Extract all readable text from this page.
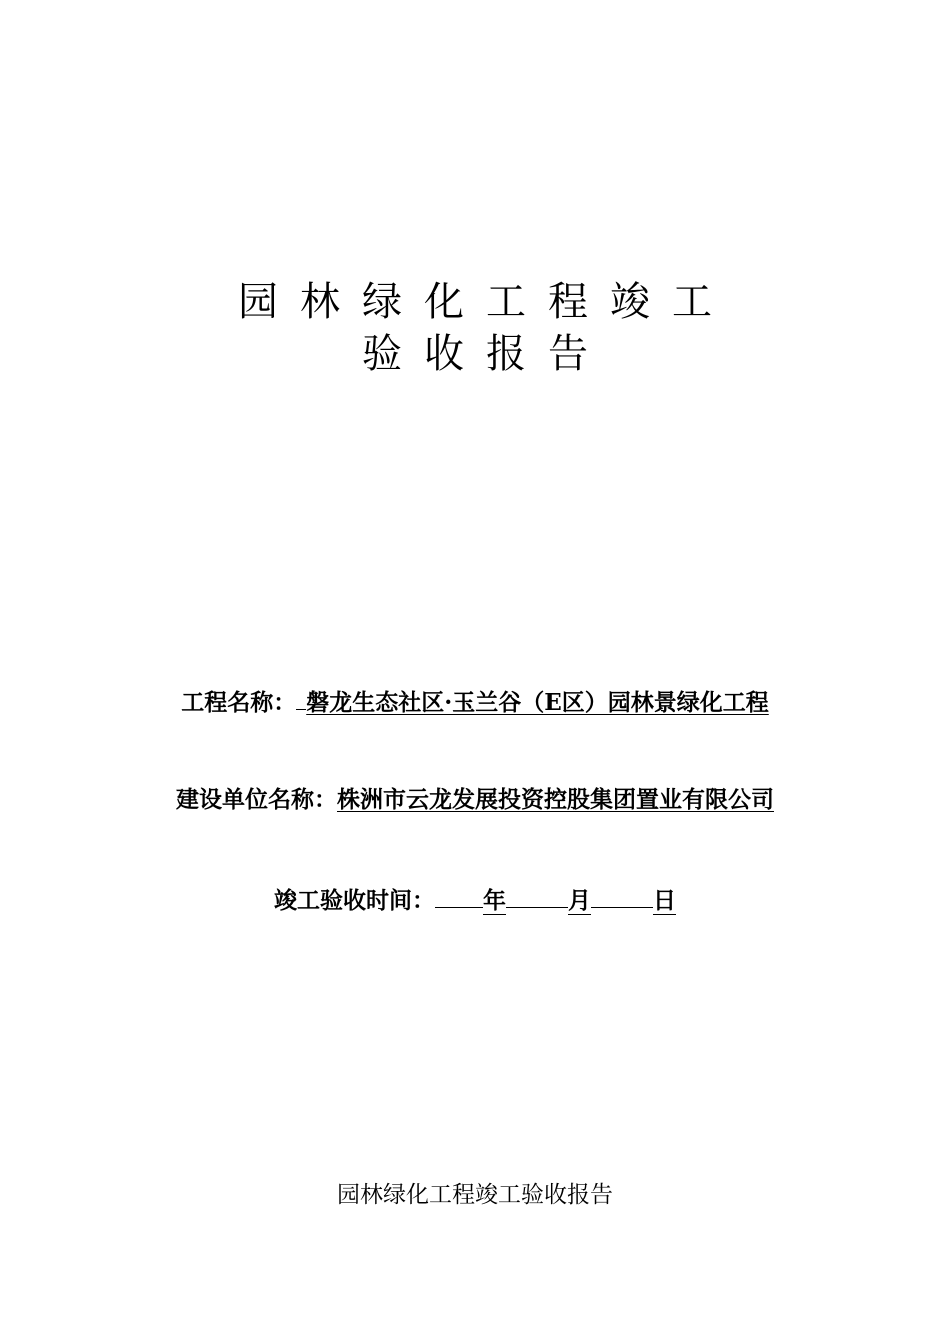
园林绿化工程竣工
验收报告
工程名称： 磐龙生态社区·玉兰谷（E区）园林景绿化工程
建设单位名称：株洲市云龙发展投资控股集团置业有限公司
竣工验收时间： 年	月	日
园林绿化工程竣工验收报告
